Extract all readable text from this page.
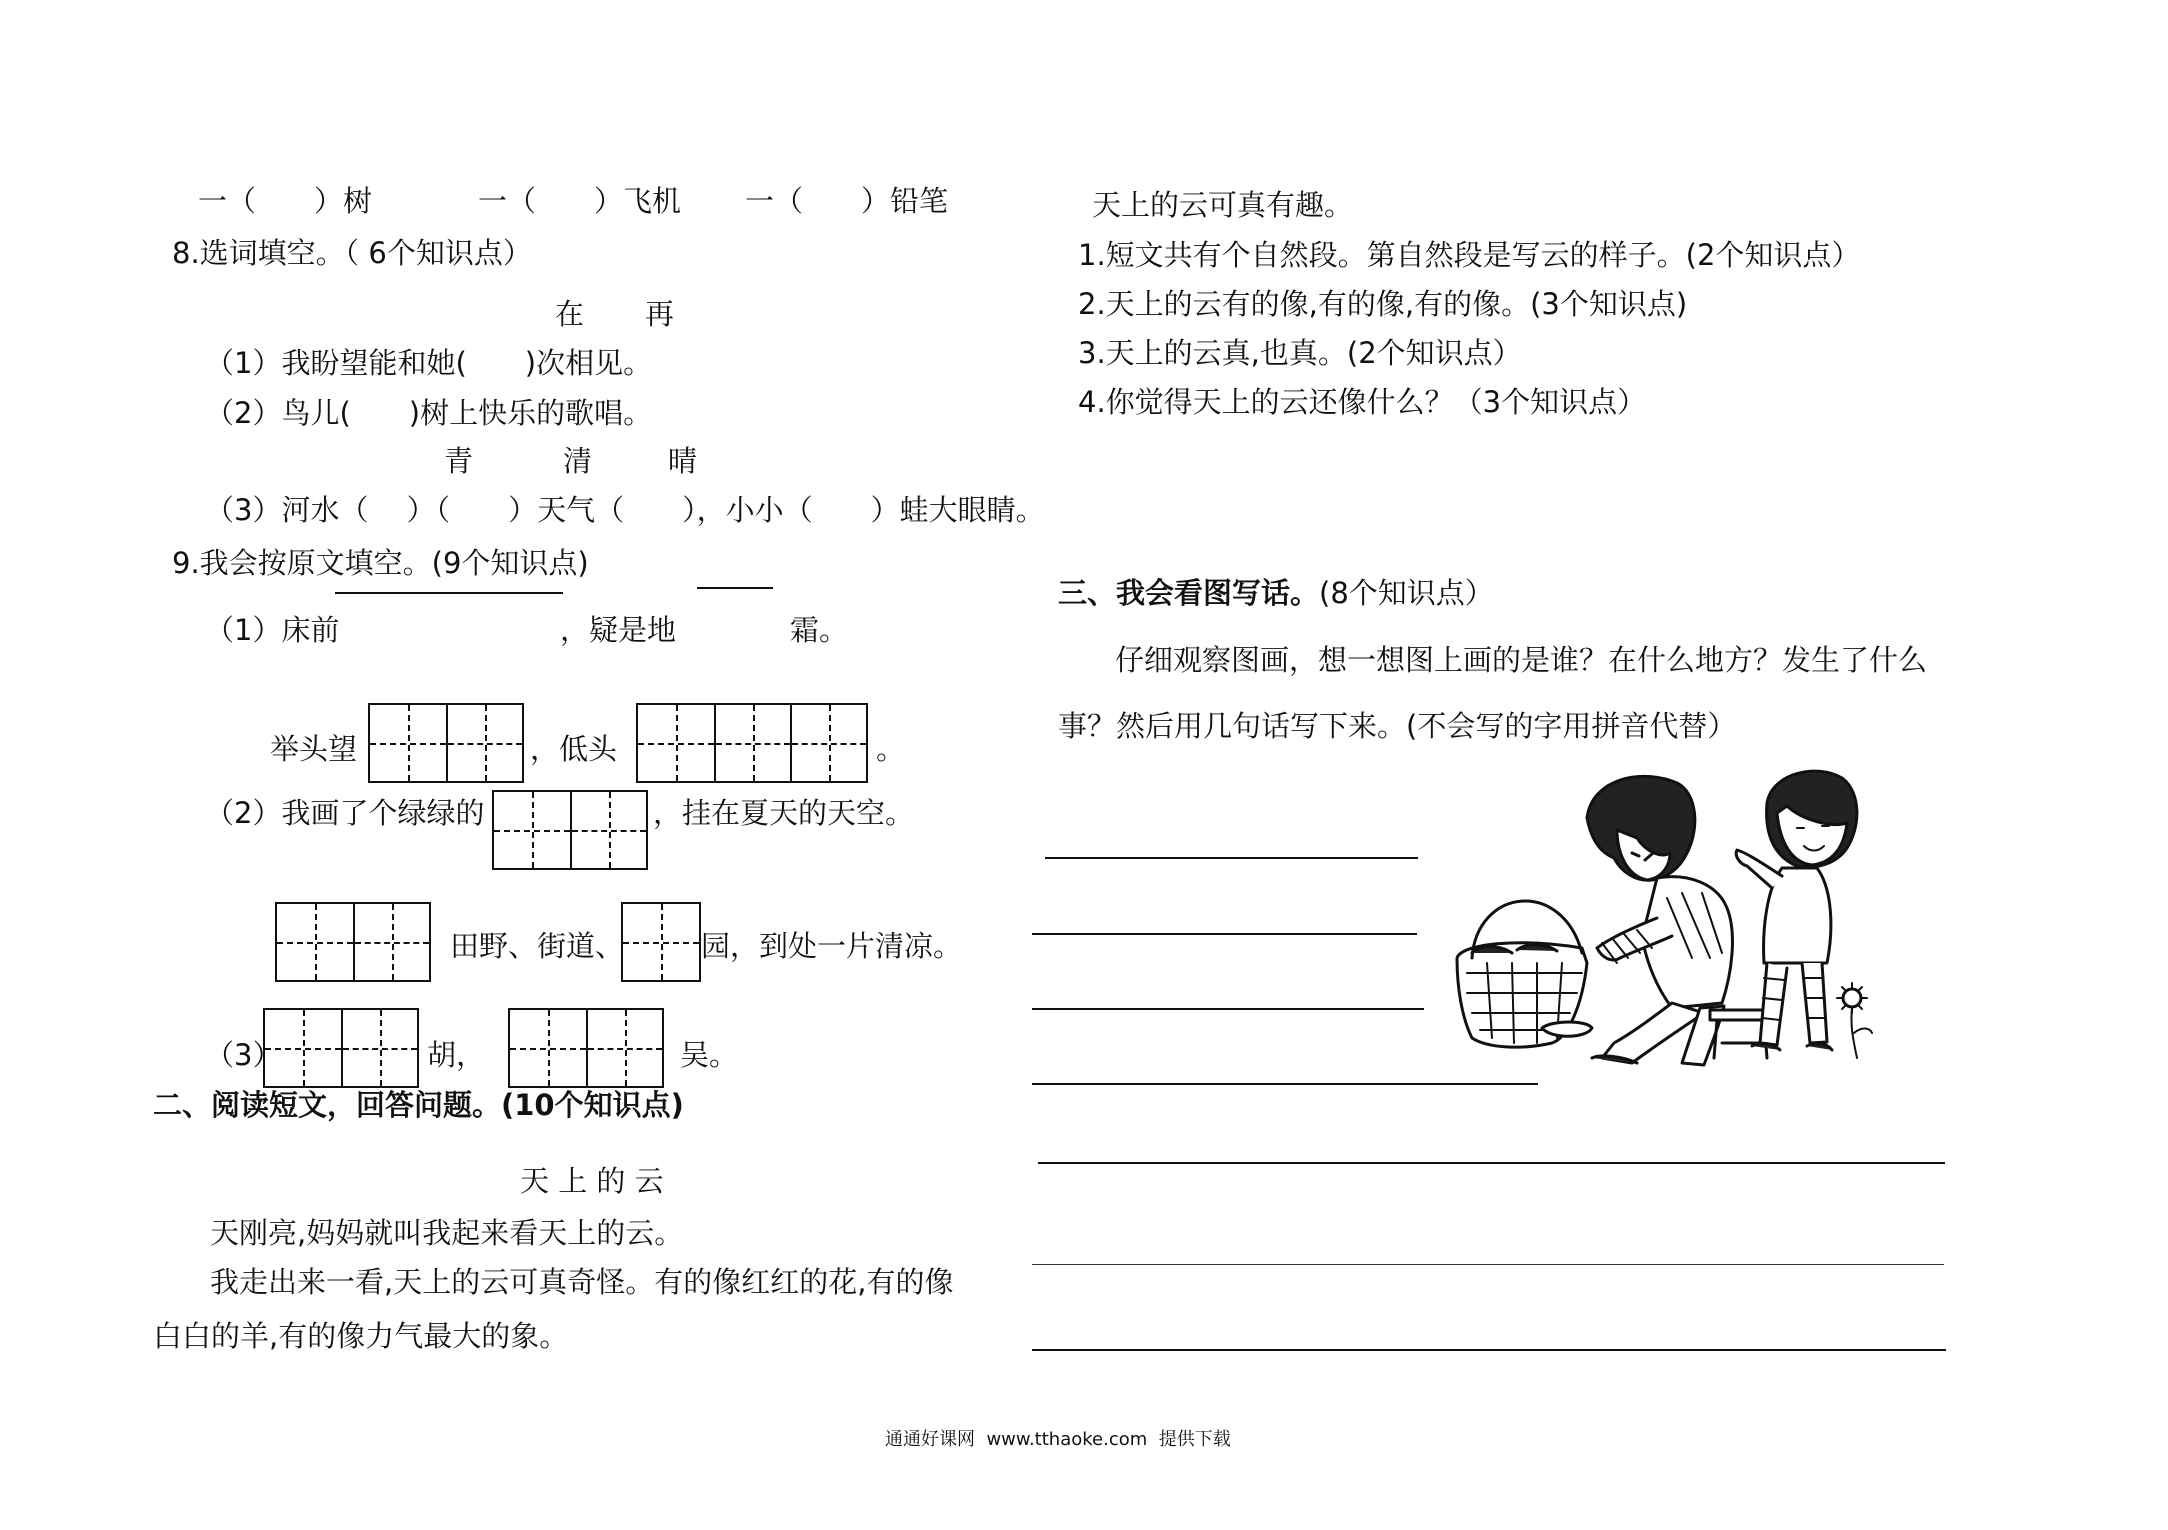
一（　　）树	一（　　）飞机 一（　　）铅笔
8.选词填空。（ 6个知识点）
在 再
（1）我盼望能和她(　　)次相见。
（2）鸟儿(　　)树上快乐的歌唱。
青	清	晴
（3）河水（　 ）（　　）天气（　　），小小（　　）蛙大眼睛。
9.我会按原文填空。(9个知识点)
（1）床前	，疑是地	霜。
举头望	，低头	。
（2）我画了个绿绿的	，挂在夏天的天空。
田野、街道、	园，到处一片清凉。
（3）	胡，	吴。
二、阅读短文，回答问题。(10个知识点)
天 上 的 云
天刚亮,妈妈就叫我起来看天上的云。
我走出来一看,天上的云可真奇怪。有的像红红的花,有的像
白白的羊,有的像力气最大的象。
天上的云可真有趣。
1.短文共有个自然段。第自然段是写云的样子。(2个知识点）
2.天上的云有的像,有的像,有的像。(3个知识点)
3.天上的云真,也真。(2个知识点）
4.你觉得天上的云还像什么？（3个知识点）
三、我会看图写话。(8个知识点）
仔细观察图画，想一想图上画的是谁？在什么地方？发生了什么
事？然后用几句话写下来。(不会写的字用拼音代替）
通通好课网  www.tthaoke.com  提供下载
